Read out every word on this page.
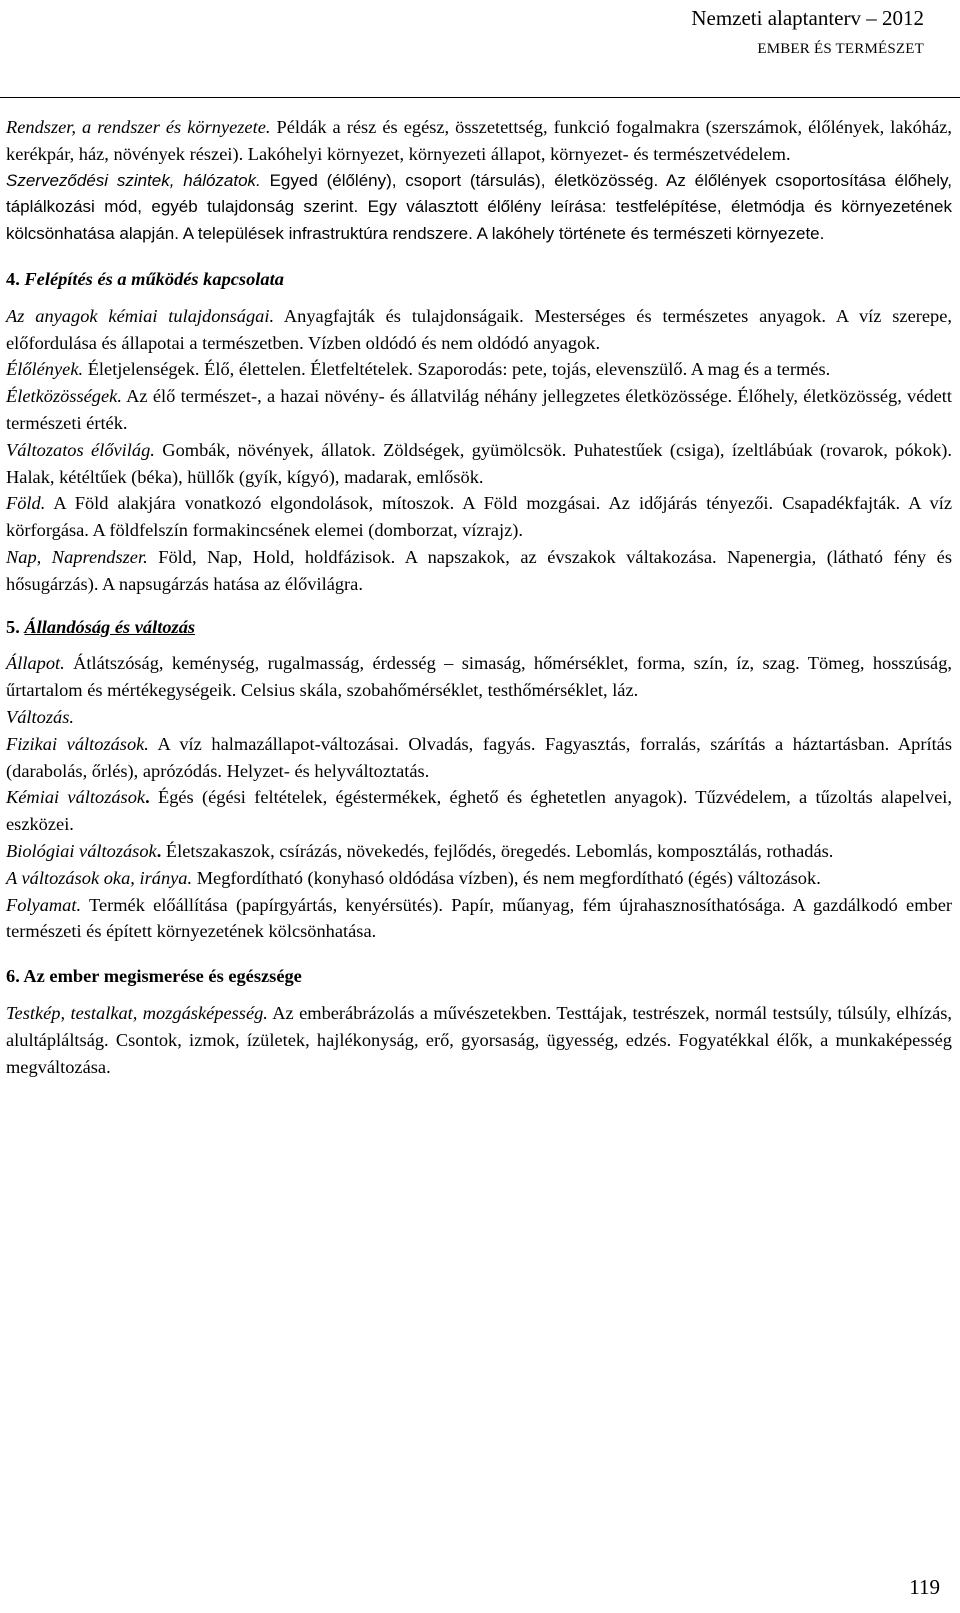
Nemzeti alaptanterv – 2012
EMBER ÉS TERMÉSZET

Rendszer, a rendszer és környezete. Példák a rész és egész, összetettség, funkció fogalmakra (szerszámok, élőlények, lakóház, kerékpár, ház, növények részei). Lakóhelyi környezet, környezeti állapot, környezet- és természetvédelem.

Szerveződési szintek, hálózatok. Egyed (élőlény), csoport (társulás), életközösség. Az élőlények csoportosítása élőhely, táplálkozási mód, egyéb tulajdonság szerint. Egy választott élőlény leírása: testfelépítése, életmódja és környezetének kölcsönhatása alapján. A települések infrastruktúra rendszere. A lakóhely története és természeti környezete.

4. Felépítés és a működés kapcsolata

Az anyagok kémiai tulajdonságai. Anyagfajták és tulajdonságaik. Mesterséges és természetes anyagok. A víz szerepe, előfordulása és állapotai a természetben. Vízben oldódó és nem oldódó anyagok.

Élőlények. Életjelenségek. Élő, élettelen. Életfeltételek. Szaporodás: pete, tojás, elevenszülő. A mag és a termés.

Életközösségek. Az élő természet-, a hazai növény- és állatvilág néhány jellegzetes életközössége. Élőhely, életközösség, védett természeti érték.

Változatos élővilág. Gombák, növények, állatok. Zöldségek, gyümölcsök. Puhatestűek (csiga), ízeltlábúak (rovarok, pókok). Halak, kétéltűek (béka), hüllők (gyík, kígyó), madarak, emlősök.

Föld. A Föld alakjára vonatkozó elgondolások, mítoszok. A Föld mozgásai. Az időjárás tényezői. Csapadékfajták. A víz körforgása. A földfelszín formakincsének elemei (domborzat, vízrajz).

Nap, Naprendszer. Föld, Nap, Hold, holdfázisok. A napszakok, az évszakok váltakozása. Napenergia, (látható fény és hősugárzás). A napsugárzás hatása az élővilágra.

5. Állandóság és változás

Állapot. Átlátszóság, keménység, rugalmasság, érdesség – simaság, hőmérséklet, forma, szín, íz, szag. Tömeg, hosszúság, űrtartalom és mértékegységeik. Celsius skála, szobahőmérséklet, testhőmérséklet, láz.

Változás.

Fizikai változások. A víz halmazállapot-változásai. Olvadás, fagyás. Fagyasztás, forralás, szárítás a háztartásban. Aprítás (darabolás, őrlés), aprózódás. Helyzet- és helyváltoztatás.

Kémiai változások. Égés (égési feltételek, égéstermékek, éghető és éghetetlen anyagok). Tűzvédelem, a tűzoltás alapelvei, eszközei.

Biológiai változások. Életszakaszok, csírázás, növekedés, fejlődés, öregedés. Lebomlás, komposztálás, rothadás.

A változások oka, iránya. Megfordítható (konyhasó oldódása vízben), és nem megfordítható (égés) változások.

Folyamat. Termék előállítása (papírgyártás, kenyérsütés). Papír, műanyag, fém újrahasznosíthatósága. A gazdálkodó ember természeti és épített környezetének kölcsönhatása.

6. Az ember megismerése és egészsége

Testkép, testalkat, mozgásképesség. Az emberábrázolás a művészetekben. Testtájak, testrészek, normál testsúly, túlsúly, elhízás, alultápláltság. Csontok, izmok, ízületek, hajlékonyság, erő, gyorsaság, ügyesség, edzés. Fogyatékkal élők, a munkaképesség megváltozása.

119
